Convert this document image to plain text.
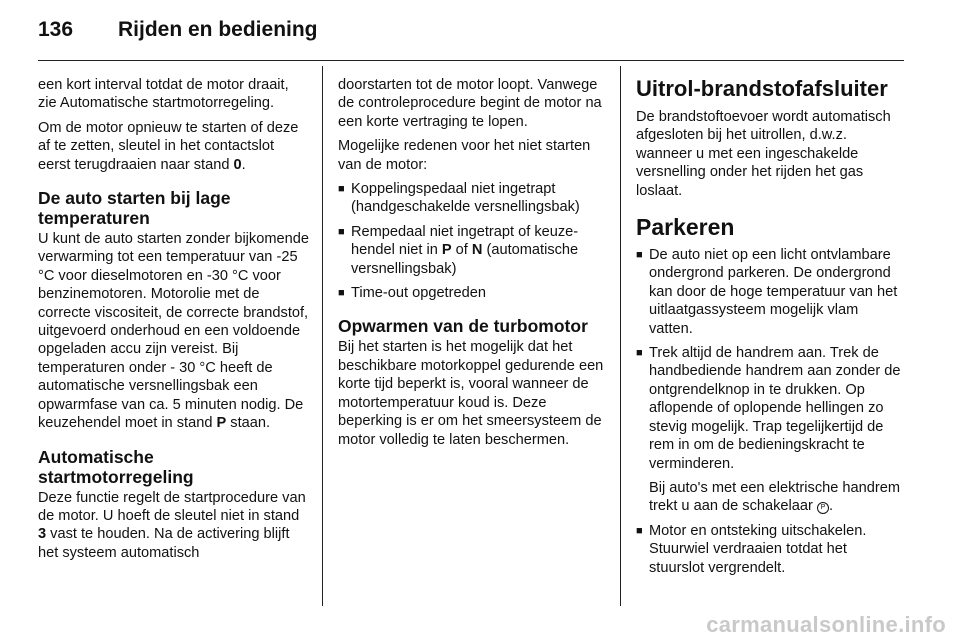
136	Rijden en bediening

een kort interval totdat de motor draait, zie Automatische startmotorregeling.

Om de motor opnieuw te starten of deze af te zetten, sleutel in het contactslot eerst terugdraaien naar stand 0.

De auto starten bij lage temperaturen

U kunt de auto starten zonder bijkomende verwarming tot een temperatuur van -25 °C voor dieselmotoren en -30 °C voor benzinemotoren. Motorolie met de correcte viscositeit, de correcte brandstof, uitgevoerd onderhoud en een voldoende opgeladen accu zijn vereist. Bij temperaturen onder - 30 °C heeft de automatische versnellingsbak een opwarmfase van ca. 5 minuten nodig. De keuzehendel moet in stand P staan.

Automatische startmotorregeling

Deze functie regelt de startprocedure van de motor. U hoeft de sleutel niet in stand 3 vast te houden. Na de activering blijft het systeem automatisch

doorstarten tot de motor loopt. Vanwege de controleprocedure begint de motor na een korte vertraging te lopen.

Mogelijke redenen voor het niet starten van de motor:

■ Koppelingspedaal niet ingetrapt (handgeschakelde versnellingsbak)
■ Rempedaal niet ingetrapt of keuzehendel niet in P of N (automatische versnellingsbak)
■ Time-out opgetreden
Opwarmen van de turbomotor

Bij het starten is het mogelijk dat het beschikbare motorkoppel gedurende een korte tijd beperkt is, vooral wanneer de motortemperatuur koud is. Deze beperking is er om het smeersysteem de motor volledig te laten beschermen.

Uitrol-brandstofafsluiter

De brandstoftoevoer wordt automatisch afgesloten bij het uitrollen, d.w.z. wanneer u met een ingeschakelde versnelling onder het rijden het gas loslaat.

Parkeren
■ De auto niet op een licht ontvlambare ondergrond parkeren. De ondergrond kan door de hoge temperatuur van het uitlaatgassysteem mogelijk vlam vatten.
■ Trek altijd de handrem aan. Trek de handbediende handrem aan zonder de ontgrendelknop in te drukken. Op aflopende of oplopende hellingen zo stevig mogelijk. Trap tegelijkertijd de rem in om de bedieningskracht te verminderen.

Bij auto's met een elektrische handrem trekt u aan de schakelaar P .

■ Motor en ontsteking uitschakelen. Stuurwiel verdraaien totdat het stuurslot vergrendelt.
carmanualsonline.info
